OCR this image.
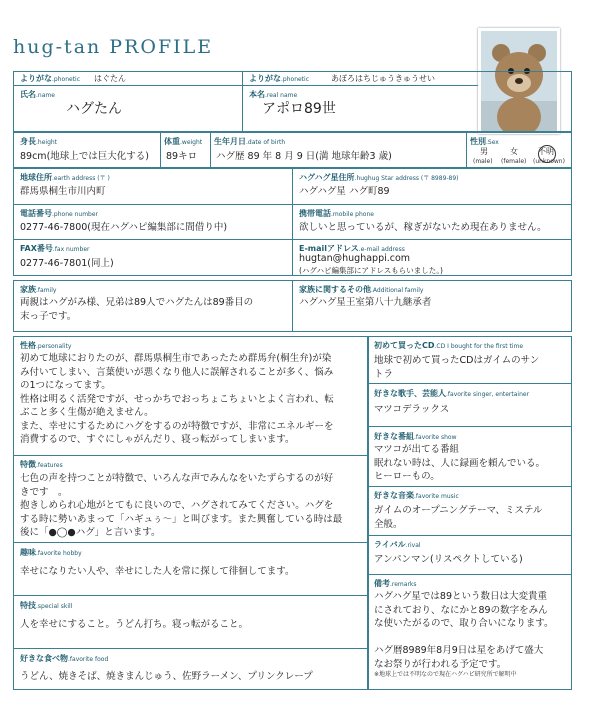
hug-tan PROFILE
よりがな.phonetic はぐたん	よりがな.phonetic	あぽろはちじゅうきゅうせい
氏名.name
ハグたん
本名.real name
アポロ89世
身長.height
89cm(地球上では巨大化する)
体重.weight
89キロ
生年月日.date of birth
ハグ歴 89 年 8 月 9 日(満 地球年齢3 歳)
性別.Sex
男	女	不明
(male) (female) (unknown)
地球住所.earth address (〒 )
群馬県桐生市川内町
ハグハグ星住所.hughug Star address (〒 8989-89)
ハグハグ星 ハグ町89
電話番号.phone number
0277-46-7800(現在ハグハピ編集部に間借り中)
携帯電話.mobile phone
欲しいと思っているが、稼ぎがないため現在ありません。
FAX番号.fax number
0277-46-7801(同上)
E-mailアドレス.e-mail address
hugtan@hughappi.com
(ハグハピ編集部にアドレスもらいました。)
家族.family
両親はハグがみ様、兄弟は89人でハグたんは89番目の
末っ子です。
家族に関するその他.Additional family
ハグハグ星王室第八十九継承者
性格.personality
初めて地球におりたのが、群馬県桐生市であったため群馬弁(桐生弁)が染
み付いてしまい、言葉使いが悪くなり他人に誤解されることが多く、悩み
の1つになってます。
性格は明るく活発ですが、せっかちでおっちょこちょいとよく言われ、転
ぶこと多く生傷が絶えません。
また、幸せにするためにハグをするのが特徴ですが、非常にエネルギーを
消費するので、すぐにしゃがんだり、寝っ転がってしまいます。
特徴.features
七色の声を持つことが特徴で、いろんな声でみんなをいたずらするのが好
きです　。
抱きしめられ心地がとてもに良いので、ハグされてみてください。ハグを
する時に勢いあまって「ハギュぅ〜」と叫びます。また興奮している時は最
後に「●◯●ハグ」と言います。
趣味.favorite hobby
幸せになりたい人や、幸せにした人を常に探して徘徊してます。
特技.special skill
人を幸せにすること。うどん打ち。寝っ転がること。
好きな食べ物.favorite food
うどん、焼きそば、焼きまんじゅう、佐野ラーメン、プリンクレープ
初めて買ったCD.CD I bought for the first time
地球で初めて買ったCDはガイムのサン
トラ
好きな歌手、芸能人.favorite singer, entertainer
マツコデラックス
好きな番組.favorite show
マツコが出てる番組
眠れない時は、人に録画を頼んでいる。
ヒーローもの。
好きな音楽.favorite music
ガイムのオープニングテーマ、ミステル
全般。
ライバル.rival
アンパンマン(リスペクトしている)
備考.remarks
ハグハグ星では89という数日は大変貴重
にされており、なにかと89の数字をみん
な使いたがるので、取り合いになります。

ハグ暦8989年8月9日は星をあげて盛大
なお祭りが行われる予定です。
※地球上では不明なので現在ハグハピ研究所で解明中
